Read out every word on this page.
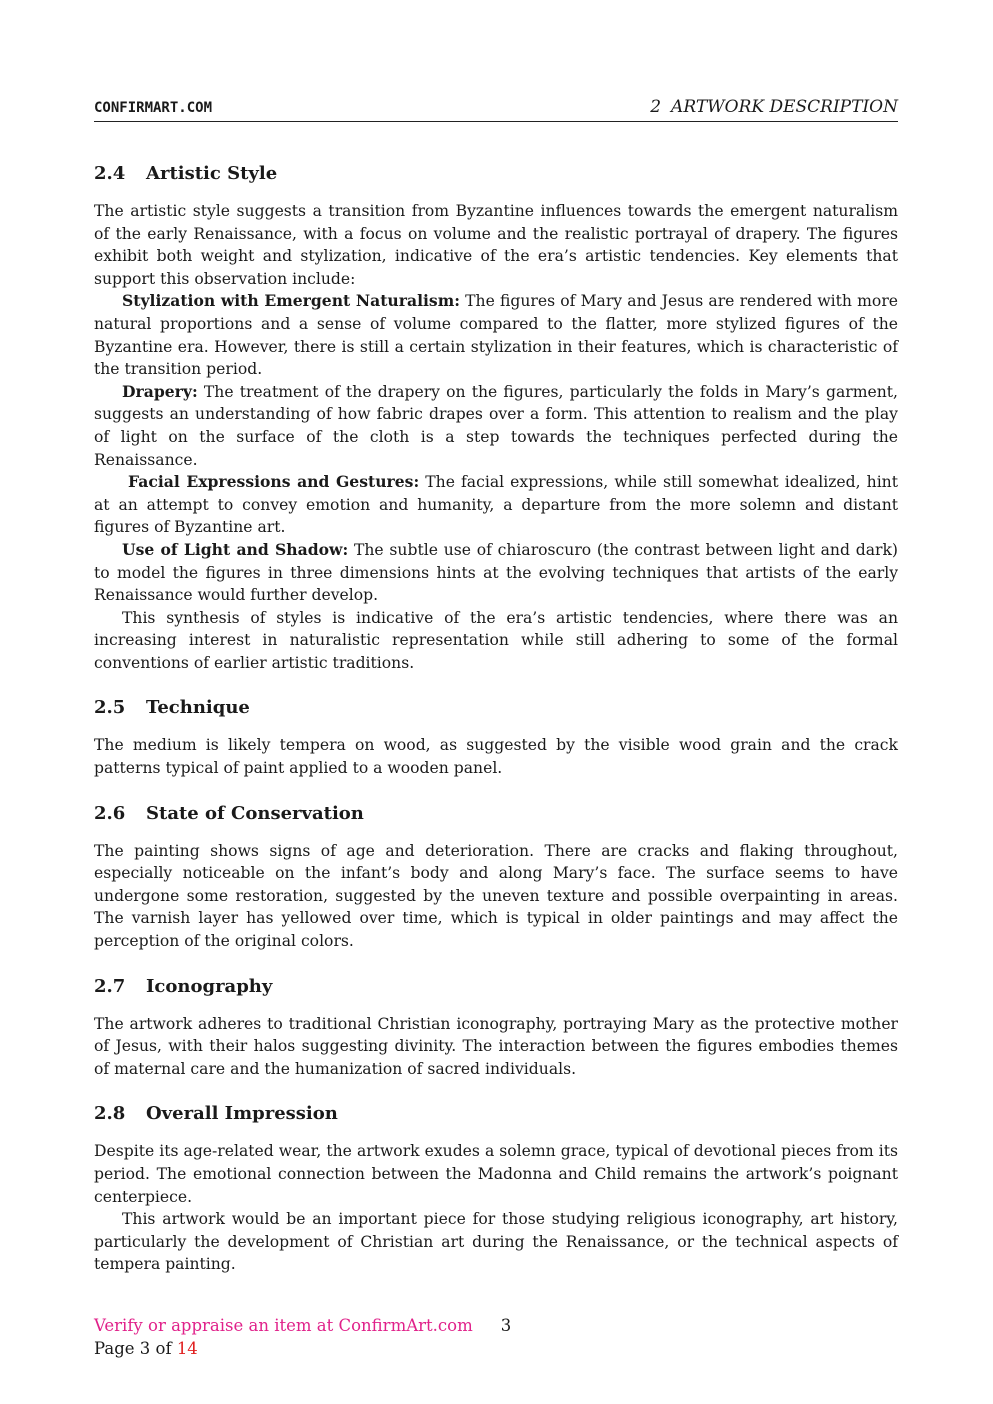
CONFIRMART.COM	2 ARTWORK DESCRIPTION
2.4 Artistic Style

The artistic style suggests a transition from Byzantine influences towards the emergent naturalism of the early Renaissance, with a focus on volume and the realistic portrayal of drapery. The figures exhibit both weight and stylization, indicative of the era’s artistic tendencies. Key elements that support this observation include:

Stylization with Emergent Naturalism: The figures of Mary and Jesus are rendered with more natural proportions and a sense of volume compared to the flatter, more stylized figures of the Byzantine era. However, there is still a certain stylization in their features, which is characteristic of the transition period.

Drapery: The treatment of the drapery on the figures, particularly the folds in Mary’s garment, suggests an understanding of how fabric drapes over a form. This attention to realism and the play of light on the surface of the cloth is a step towards the techniques perfected during the Renaissance.

Facial Expressions and Gestures: The facial expressions, while still somewhat idealized, hint at an attempt to convey emotion and humanity, a departure from the more solemn and distant figures of Byzantine art.

Use of Light and Shadow: The subtle use of chiaroscuro (the contrast between light and dark) to model the figures in three dimensions hints at the evolving techniques that artists of the early Renaissance would further develop.

This synthesis of styles is indicative of the era’s artistic tendencies, where there was an increasing interest in naturalistic representation while still adhering to some of the formal conventions of earlier artistic traditions.

2.5 Technique

The medium is likely tempera on wood, as suggested by the visible wood grain and the crack patterns typical of paint applied to a wooden panel.

2.6 State of Conservation

The painting shows signs of age and deterioration. There are cracks and flaking throughout, especially noticeable on the infant’s body and along Mary’s face. The surface seems to have undergone some restoration, suggested by the uneven texture and possible overpainting in areas. The varnish layer has yellowed over time, which is typical in older paintings and may affect the perception of the original colors.

2.7 Iconography

The artwork adheres to traditional Christian iconography, portraying Mary as the protective mother of Jesus, with their halos suggesting divinity. The interaction between the figures embodies themes of maternal care and the humanization of sacred individuals.

2.8 Overall Impression

Despite its age-related wear, the artwork exudes a solemn grace, typical of devotional pieces from its period. The emotional connection between the Madonna and Child remains the artwork’s poignant centerpiece.

This artwork would be an important piece for those studying religious iconography, art history, particularly the development of Christian art during the Renaissance, or the technical aspects of tempera painting.

Verify or appraise an item at ConfirmArt.com 3
Page 3 of 14
